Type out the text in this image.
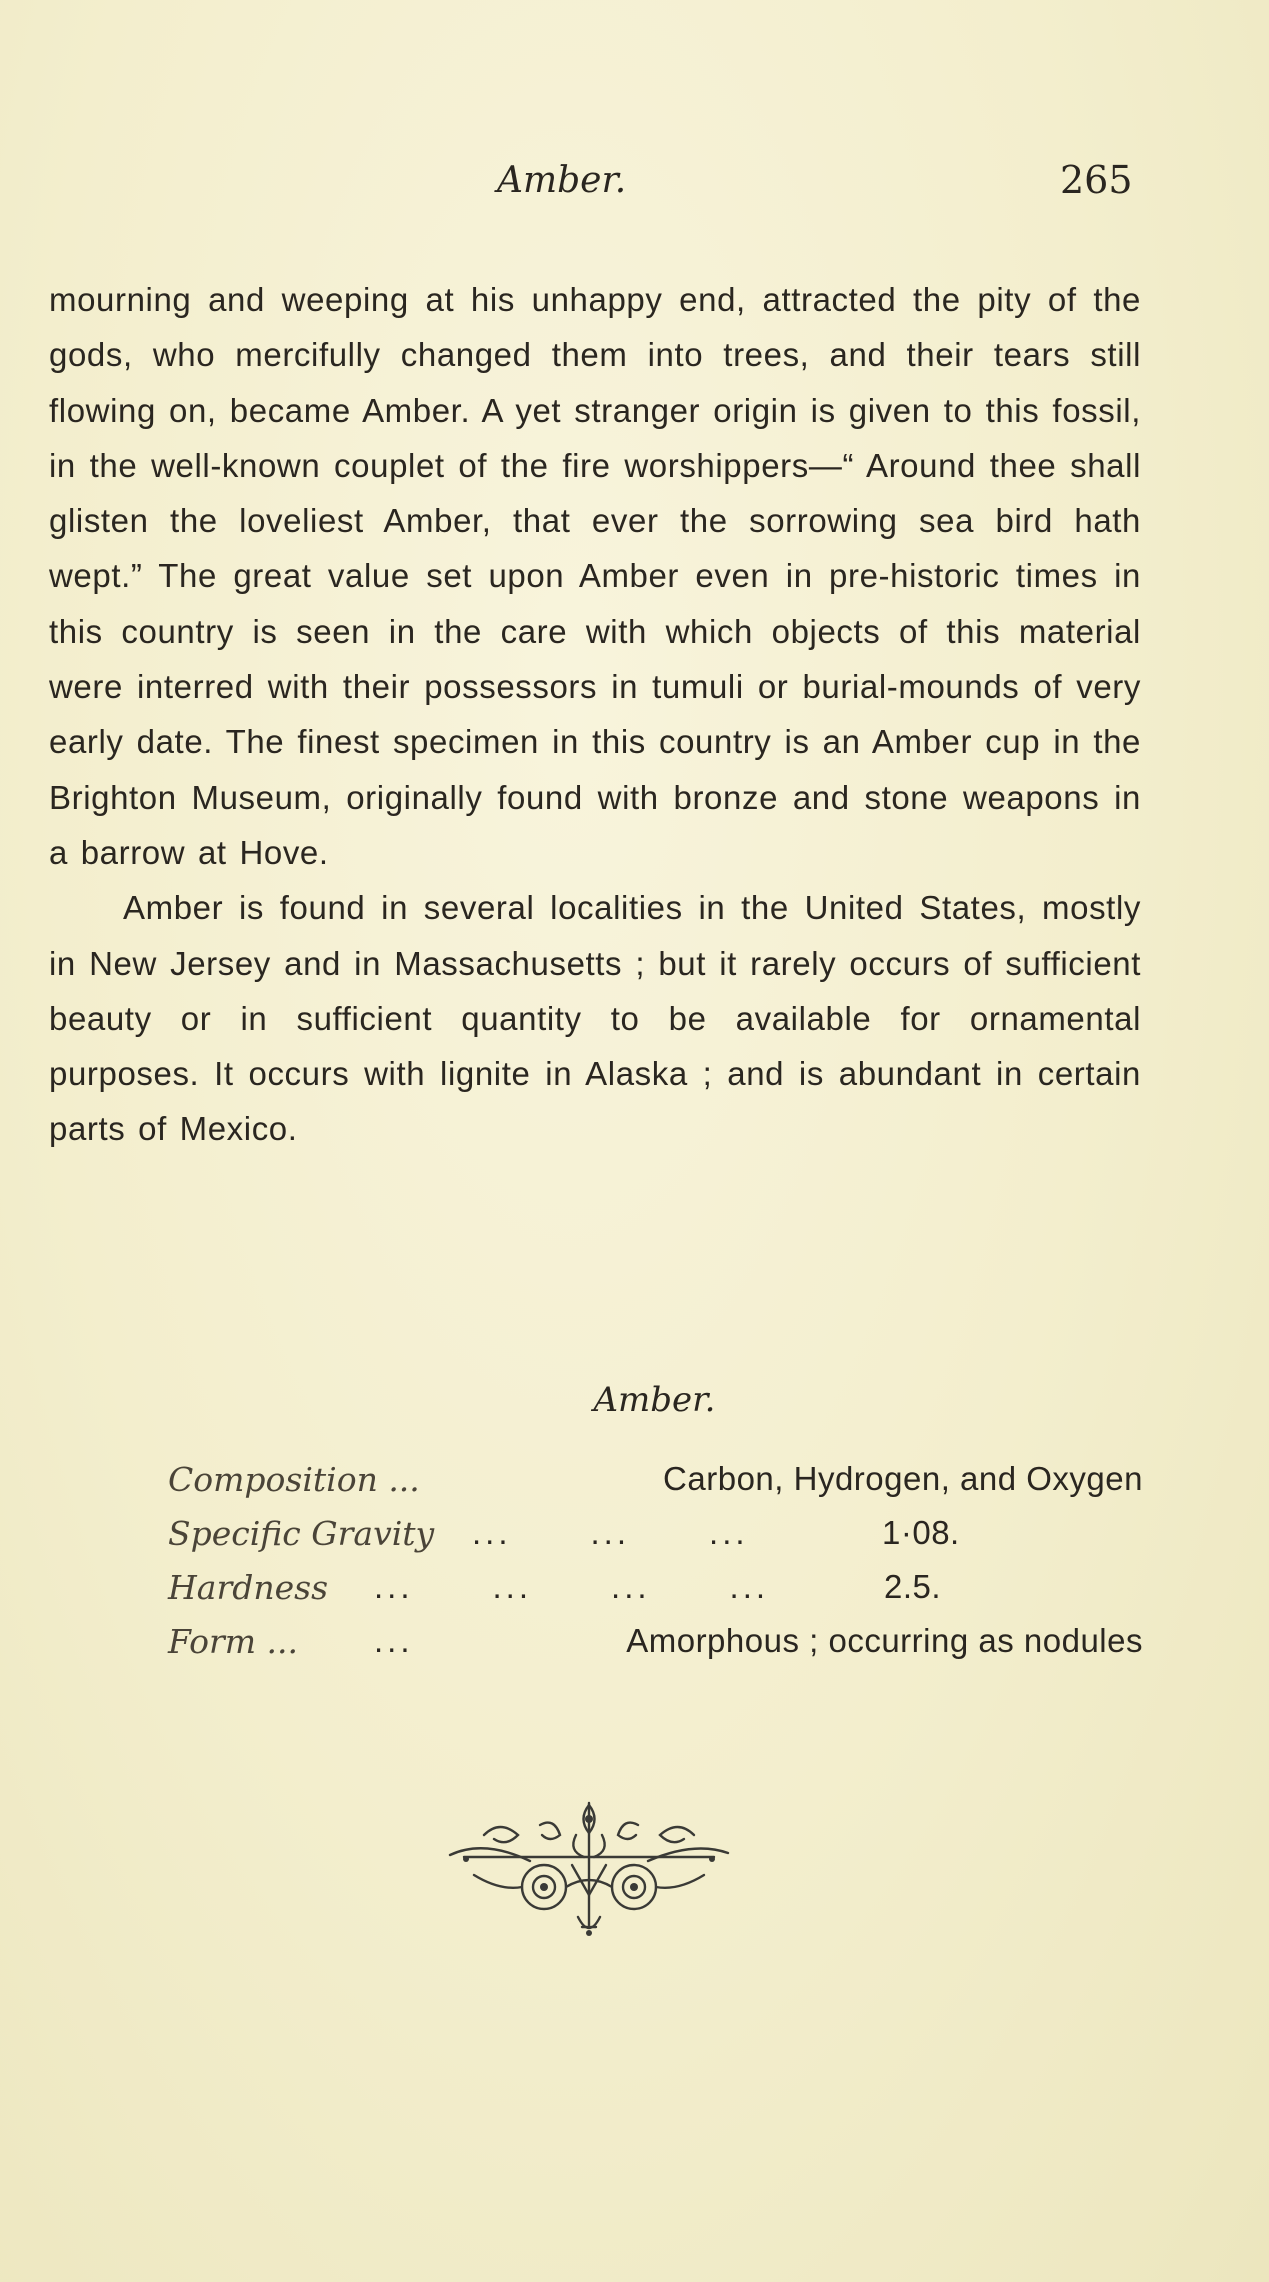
Amber.	265

mourning and weeping at his unhappy end, attracted the pity of the gods, who mercifully changed them into trees, and their tears still flowing on, became Amber. A yet stranger origin is given to this fossil, in the well-known couplet of the fire worshippers—“ Around thee shall glisten the loveliest Amber, that ever the sorrowing sea bird hath wept.” The great value set upon Amber even in pre-historic times in this country is seen in the care with which objects of this material were interred with their possessors in tumuli or burial-mounds of very early date. The finest specimen in this country is an Amber cup in the Brighton Museum, originally found with bronze and stone weapons in a barrow at Hove.

Amber is found in several localities in the United States, mostly in New Jersey and in Massachusetts ; but it rarely occurs of sufficient beauty or in sufficient quantity to be available for ornamental purposes. It occurs with lignite in Alaska ; and is abundant in certain parts of Mexico.

Amber.
Composition ...	Carbon, Hydrogen, and Oxygen
Specific Gravity ...      ...      ...	1·08.
Hardness ...      ...      ...      ...	2.5.
Form ... ...	Amorphous ; occurring as nodules
